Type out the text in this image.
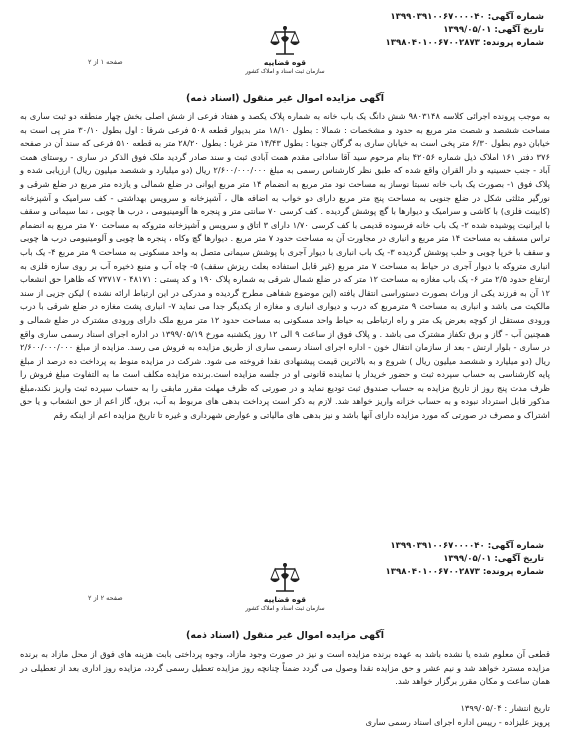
شماره آگهی: ۱۳۹۹۰۳۹۱۰۰۶۷۰۰۰۰۴۰
تاریخ آگهی: ۱۳۹۹/۰۵/۰۱
شماره پرونده: ۱۳۹۸۰۴۰۱۰۰۶۷۰۰۲۸۷۳
قوه قضاییه
سازمان ثبت اسناد و املاک کشور
صفحه ۱ از ۲
آگهی مزایده اموال غیر منقول (اسناد ذمه)

به موجب پرونده اجرائی کلاسه ۹۸۰۳۱۴۸ شش دانگ یک باب خانه به شماره پلاک یکصد و هفتاد فرعی از شش اصلی بخش چهار منطقه دو ثبت ساری به مساحت ششصد و شصت متر مربع به حدود و مشخصات : شمالا : بطول ۱۸/۱۰ متر بدیوار قطعه ۵۰۸ فرعی شرقا : اول بطول ۳۰/۱۰ متر پی است به خیابان دوم بطول ۶/۳۰ متر پخی است به خیابان ساری به گرگان جنوبا : بطول ۱۴/۴۳ متر غربا : بطول ۲۸/۲۰ متر به قطعه ۵۱۰ فرعی که سند آن در صفحه ۳۷۶ دفتر ۱۶۱ املاک ذیل شماره ۴۲۰۵۶ بنام مرحوم سید آقا ساداتی مقدم همت آبادی ثبت و سند صادر گردید ملک فوق الذکر در ساری - روستای همت آباد - جنب حسینیه و دار القران واقع شده که طبق نظر کارشناس رسمی به مبلغ ۲/۶۰۰/۰۰۰/۰۰۰ ریال (دو میلیارد و ششصد میلیون ریال) ارزیابی شده و پلاک فوق ۱- بصورت یک باب خانه نسبتا نوساز به مساحت نود متر مربع به انضمام ۱۴ متر مربع ایوانی در ضلع شمالی و یازده متر مربع در ضلع شرقی و نورگیر مثلثی شکل در ضلع جنوبی به مساحت پنج متر مربع دارای دو خواب به اضافه هال ، آشپزخانه و سرویس بهداشتی - کف سرامیک و آشپزخانه (کابینت فلزی) با کاشی و سرامیک و دیوارها با گچ پوشش گردیده . کف کرسی ۷۰ سانتی متر و پنجره ها آلومینیومی ، درب ها چوبی ، نما سیمانی و سقف با ایرانیت پوشیده شده ۲- یک باب خانه فرسوده قدیمی با کف کرسی ۱/۷۰ دارای ۳ اتاق و سرویس و آشپزخانه متروکه به مساحت ۷۰ متر مربع به انضمام تراس مسقف به مساحت ۱۴ متر مربع و انباری در مجاورت آن به مساحت حدود ۷ متر مربع . دیوارها گچ وکاه ، پنجره ها چوبی و آلومینیومی درب ها چوبی و سقف با خرپا چوبی و حلب پوشش گردیده ۳- یک باب انباری با دیوار آجری با پوشش سیمانی متصل به واحد مسکونی به مساحت ۹ متر مربع ۴- یک باب انباری متروکه با دیوار آجری در حیاط به مساحت ۷ متر مربع (غیر قابل استفاده بعلت ریزش سقف) ۵- چاه آب و منبع ذخیره آب بر روی سازه فلزی به ارتفاع حدود ۲/۵ متر ۶- یک باب مغازه به مساحت ۱۲ متر که در ضلع شمال شرقی به شماره پلاک ۱۹۰ و کد پستی : ۴۸۱۷۱ - ۷۳۷۱۷ که ظاهرا حق انشعاب ۱۲ آن به فرزند یکی از وراث بصورت دستوراسی انتقال یافته (این موضوع شفاهی مطرح گردیده و مدرکی در این ارتباط ارائه نشده ) لیکن جزیی از سند مالکیت می باشد و انباری به مساحت ۹ مترمربع که درب و دیواری انباری و مغازه از یکدیگر جدا می نماید ۷- انباری پشت مغازه در ضلع شرقی با درب ورودی مستقل از کوچه بعرض یک متر و راه ارتباطی به حیاط واحد مسکونی به مساحت حدود ۱۲ متر مربع ملک دارای ورودی مشترک در ضلع شمالی و همچنین آب - گاز و برق تکفاز مشترک می باشد . و پلاک فوق از ساعت ۹ الی ۱۲ روز یکشنبه مورخ ۱۳۹۹/۰۵/۱۹ در اداره اجرای اسناد رسمی ساری واقع در ساری - بلوار ارتش - بعد از سازمان انتقال خون - اداره اجرای اسناد رسمی ساری از طریق مزایده به فروش می رسد. مزایده از مبلغ ۲/۶۰۰/۰۰۰/۰۰۰ ریال (دو میلیارد و ششصد میلیون ریال ) شروع و به بالاترین قیمت پیشنهادی نقدا فروخته می شود. شرکت در مزایده منوط به پرداخت ده درصد از مبلغ پایه کارشناسی به حساب سپرده ثبت و حضور خریدار یا نماینده قانونی او در جلسه مزایده است.برنده مزایده مکلف است ما به التفاوت مبلغ فروش را ظرف مدت پنج روز از تاریخ مزایده به حساب صندوق ثبت تودیع نماید و در صورتی که ظرف مهلت مقرر مابقی را به حساب سپرده ثبت واریز نکند،مبلغ مذکور قابل استرداد نبوده و به حساب خزانه واریز خواهد شد. لازم به ذکر است پرداخت بدهی های مربوط به آب، برق، گاز اعم از حق انشعاب و یا حق اشتراک و مصرف در صورتی که مورد مزایده دارای آنها باشد و نیز بدهی های مالیاتی و عوارض شهرداری و غیره تا تاریخ مزایده اعم از اینکه رقم

شماره آگهی: ۱۳۹۹۰۳۹۱۰۰۶۷۰۰۰۰۴۰
تاریخ آگهی: ۱۳۹۹/۰۵/۰۱
شماره پرونده: ۱۳۹۸۰۴۰۱۰۰۶۷۰۰۲۸۷۳
قوه قضاییه
سازمان ثبت اسناد و املاک کشور
صفحه ۲ از ۲
آگهی مزایده اموال غیر منقول (اسناد ذمه)

قطعی آن معلوم شده یا نشده باشد به عهده برنده مزایده است و نیز در صورت وجود مازاد، وجوه پرداختی بابت هزینه های فوق از محل مازاد به برنده مزایده مسترد خواهد شد و نیم عشر و حق مزایده نقدا وصول می گردد ضمناً چنانچه روز مزایده تعطیل رسمی گردد، مزایده روز اداری بعد از تعطیلی در همان ساعت و مکان مقرر برگزار خواهد شد.

تاریخ انتشار : ۱۳۹۹/۰۵/۰۴
پرویز علیزاده - رییس اداره اجرای اسناد رسمی ساری
